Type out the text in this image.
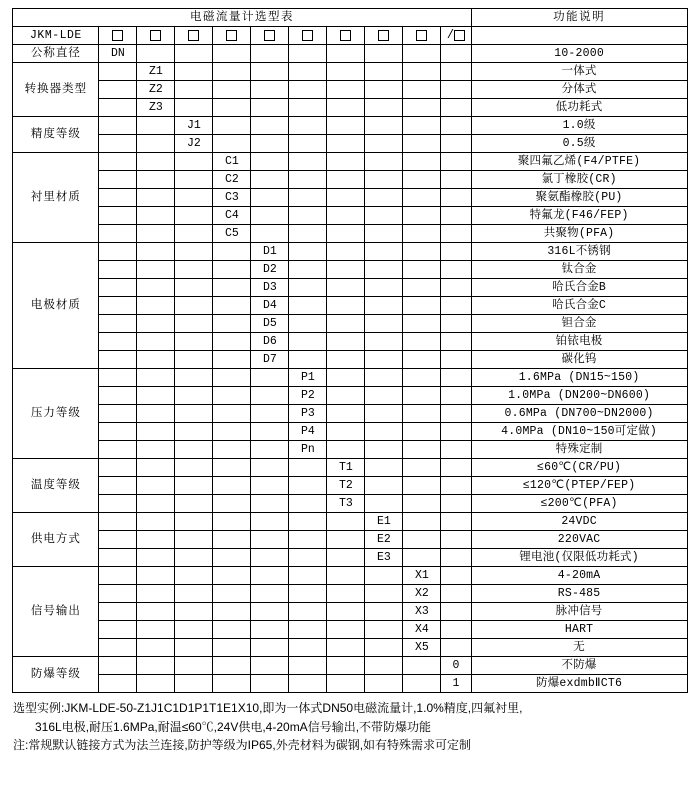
电磁流量计选型表											功能说明
JKM-LDE										/	
公称直径	DN										10-2000
转换器类型		Z1									一体式
		Z2									分体式
		Z3									低功耗式
精度等级			J1								1.0级
			J2								0.5级
衬里材质				C1							聚四氟乙烯(F4/PTFE)
				C2							氯丁橡胶(CR)
				C3							聚氨酯橡胶(PU)
				C4							特氟龙(F46/FEP)
				C5							共聚物(PFA)
电极材质					D1						316L不锈钢
					D2						钛合金
					D3						哈氏合金B
					D4						哈氏合金C
					D5						钽合金
					D6						铂铱电极
					D7						碳化钨
压力等级						P1					1.6MPa (DN15~150)
						P2					1.0MPa (DN200~DN600)
						P3					0.6MPa (DN700~DN2000)
						P4					4.0MPa (DN10~150可定做)
						Pn					特殊定制
温度等级							T1				≤60℃(CR/PU)
							T2				≤120℃(PTEP/FEP)
							T3				≤200℃(PFA)
供电方式								E1			24VDC
								E2			220VAC
								E3			锂电池(仅限低功耗式)
信号输出									X1		4-20mA
									X2		RS-485
									X3		脉冲信号
									X4		HART
									X5		无
防爆等级										0	不防爆
										1	防爆exdmbⅡCT6
选型实例:JKM-LDE-50-Z1J1C1D1P1T1E1X10,即为一体式DN50电磁流量计,1.0%精度,四氟衬里,
316L电极,耐压1.6MPa,耐温≤60℃,24V供电,4-20mA信号输出,不带防爆功能
注:常规默认链接方式为法兰连接,防护等级为IP65,外壳材料为碳钢,如有特殊需求可定制
